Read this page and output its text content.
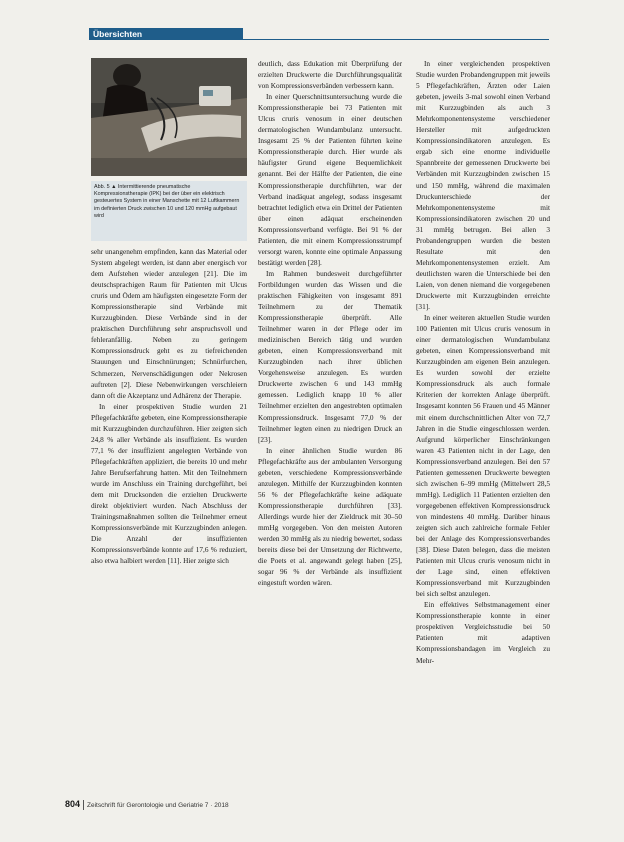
Übersichten

Abb. 5 ▲ Intermittierende pneumatische Kompressionstherapie (IPK) bei der über ein elektrisch gesteuertes System in einer Manschette mit 12 Luftkammern im definierten Druck zwischen 10 und 120 mmHg aufgebaut wird

sehr unangenehm empfinden, kann das Material oder System abgelegt werden, ist dann aber energisch vor dem Aufstehen wieder anzulegen [21]. Die im deutschsprachigen Raum für Patienten mit Ulcus cruris und Ödem am häufigsten eingesetzte Form der Kompressionstherapie sind Verbände mit Kurzzugbinden. Diese Verbände sind in der praktischen Durchführung sehr anspruchsvoll und fehleranfällig. Neben zu geringem Kompressionsdruck geht es zu tiefreichenden Stauungen und Einschnürungen; Schnürfurchen, Schmerzen, Nervenschädigungen oder Nekrosen auftreten [2]. Diese Nebenwirkungen verschleiern dann oft die Akzeptanz und Adhärenz der Therapie.

In einer prospektiven Studie wurden 21 Pflegefachkräfte gebeten, eine Kompressionstherapie mit Kurzzugbinden durchzuführen. Hier zeigten sich 24,8 % aller Verbände als insuffizient. Es wurden 77,1 % der insuffizient angelegten Verbände von Pflegefachkräften appliziert, die bereits 10 und mehr Jahre Berufserfahrung hatten. Mit den Teilnehmern wurde im Anschluss ein Training durchgeführt, bei dem mit Drucksonden die erzielten Druckwerte direkt objektiviert wurden. Nach Abschluss der Trainingsmaßnahmen sollten die Teilnehmer erneut Kompressionsverbände mit Kurzzugbinden anlegen. Die Anzahl der insuffizienten Kompressionsverbände konnte auf 17,6 % reduziert, also etwa halbiert werden [11]. Hier zeigte sich

deutlich, dass Edukation mit Überprüfung der erzielten Druckwerte die Durchführungsqualität von Kompressionsverbänden verbessern kann.

In einer Querschnittsuntersuchung wurde die Kompressionstherapie bei 73 Patienten mit Ulcus cruris venosum in einer deutschen dermatologischen Wundambulanz untersucht. Insgesamt 25 % der Patienten führten keine Kompressionstherapie durch. Hier wurde als häufigster Grund eigene Bequemlichkeit genannt. Bei der Hälfte der Patienten, die eine Kompressionstherapie durchführten, war der Verband inadäquat angelegt, sodass insgesamt betrachtet lediglich etwa ein Drittel der Patienten über einen adäquat erscheinenden Kompressionsverband verfügte. Bei 91 % der Patienten, die mit einem Kompressionsstrumpf versorgt waren, konnte eine optimale Anpassung bestätigt werden [28].

Im Rahmen bundesweit durchgeführter Fortbildungen wurden das Wissen und die praktischen Fähigkeiten von insgesamt 891 Teilnehmern zu der Thematik Kompressionstherapie überprüft. Alle Teilnehmer waren in der Pflege oder im medizinischen Bereich tätig und wurden gebeten, einen Kompressionsverband mit Kurzzugbinden nach ihrer üblichen Vorgehensweise anzulegen. Es wurden Druckwerte zwischen 6 und 143 mmHg gemessen. Lediglich knapp 10 % aller Teilnehmer erzielten den angestrebten optimalen Kompressionsdruck. Insgesamt 77,0 % der Teilnehmer legten einen zu niedrigen Druck an [23].

In einer ähnlichen Studie wurden 86 Pflegefachkräfte aus der ambulanten Versorgung gebeten, verschiedene Kompressionsverbände anzulegen. Mithilfe der Kurzzugbinden konnten 56 % der Pflegefachkräfte keine adäquate Kompressionstherapie durchführen [33]. Allerdings wurde hier der Zieldruck mit 30–50 mmHg vorgegeben. Von den meisten Autoren werden 30 mmHg als zu niedrig bewertet, sodass bereits diese bei der Umsetzung der Richtwerte, die Poets et al. angewandt gelegt haben [25], sogar 96 % der Verbände als insuffizient eingestuft worden wären.

In einer vergleichenden prospektiven Studie wurden Probandengruppen mit jeweils 5 Pflegefachkräften, Ärzten oder Laien gebeten, jeweils 3-mal sowohl einen Verband mit Kurzzugbinden als auch 3 Mehrkomponentensysteme verschiedener Hersteller mit aufgedruckten Kompressionsindikatoren anzulegen. Es ergab sich eine enorme individuelle Spannbreite der gemessenen Druckwerte bei Verbänden mit Kurzzugbinden zwischen 15 und 150 mmHg, während die maximalen Druckunterschiede der Mehrkomponentensysteme mit Kompressionsindikatoren zwischen 20 und 31 mmHg betrugen. Bei allen 3 Probandengruppen wurden die besten Resultate mit den Mehrkomponentensystemen erzielt. Am deutlichsten waren die Unterschiede bei den Laien, von denen niemand die vorgegebenen Druckwerte mit Kurzzugbinden erreichte [31].

In einer weiteren aktuellen Studie wurden 100 Patienten mit Ulcus cruris venosum in einer dermatologischen Wundambulanz gebeten, einen Kompressionsverband mit Kurzzugbinden am eigenen Bein anzulegen. Es wurden sowohl der erzielte Kompressionsdruck als auch formale Kriterien der korrekten Anlage überprüft. Insgesamt konnten 56 Frauen und 45 Männer mit einem durchschnittlichen Alter von 72,7 Jahren in die Studie eingeschlossen werden. Aufgrund körperlicher Einschränkungen waren 43 Patienten nicht in der Lage, den Kompressionsverband anzulegen. Bei den 57 Patienten gemessenen Druckwerte bewegten sich zwischen 6–99 mmHg (Mittelwert 28,5 mmHg). Lediglich 11 Patienten erzielten den vorgegebenen effektiven Kompressionsdruck von mindestens 40 mmHg. Darüber hinaus zeigten sich auch zahlreiche formale Fehler bei der Anlage des Kompressionsverbandes [38]. Diese Daten belegen, dass die meisten Patienten mit Ulcus cruris venosum nicht in der Lage sind, einen effektiven Kompressionsverband mit Kurzzugbinden bei sich selbst anzulegen.

Ein effektives Selbstmanagement einer Kompressionstherapie konnte in einer prospektiven Vergleichsstudie bei 50 Patienten mit adaptiven Kompressionsbandagen im Vergleich zu Mehr-

804 Zeitschrift für Gerontologie und Geriatrie 7 · 2018
